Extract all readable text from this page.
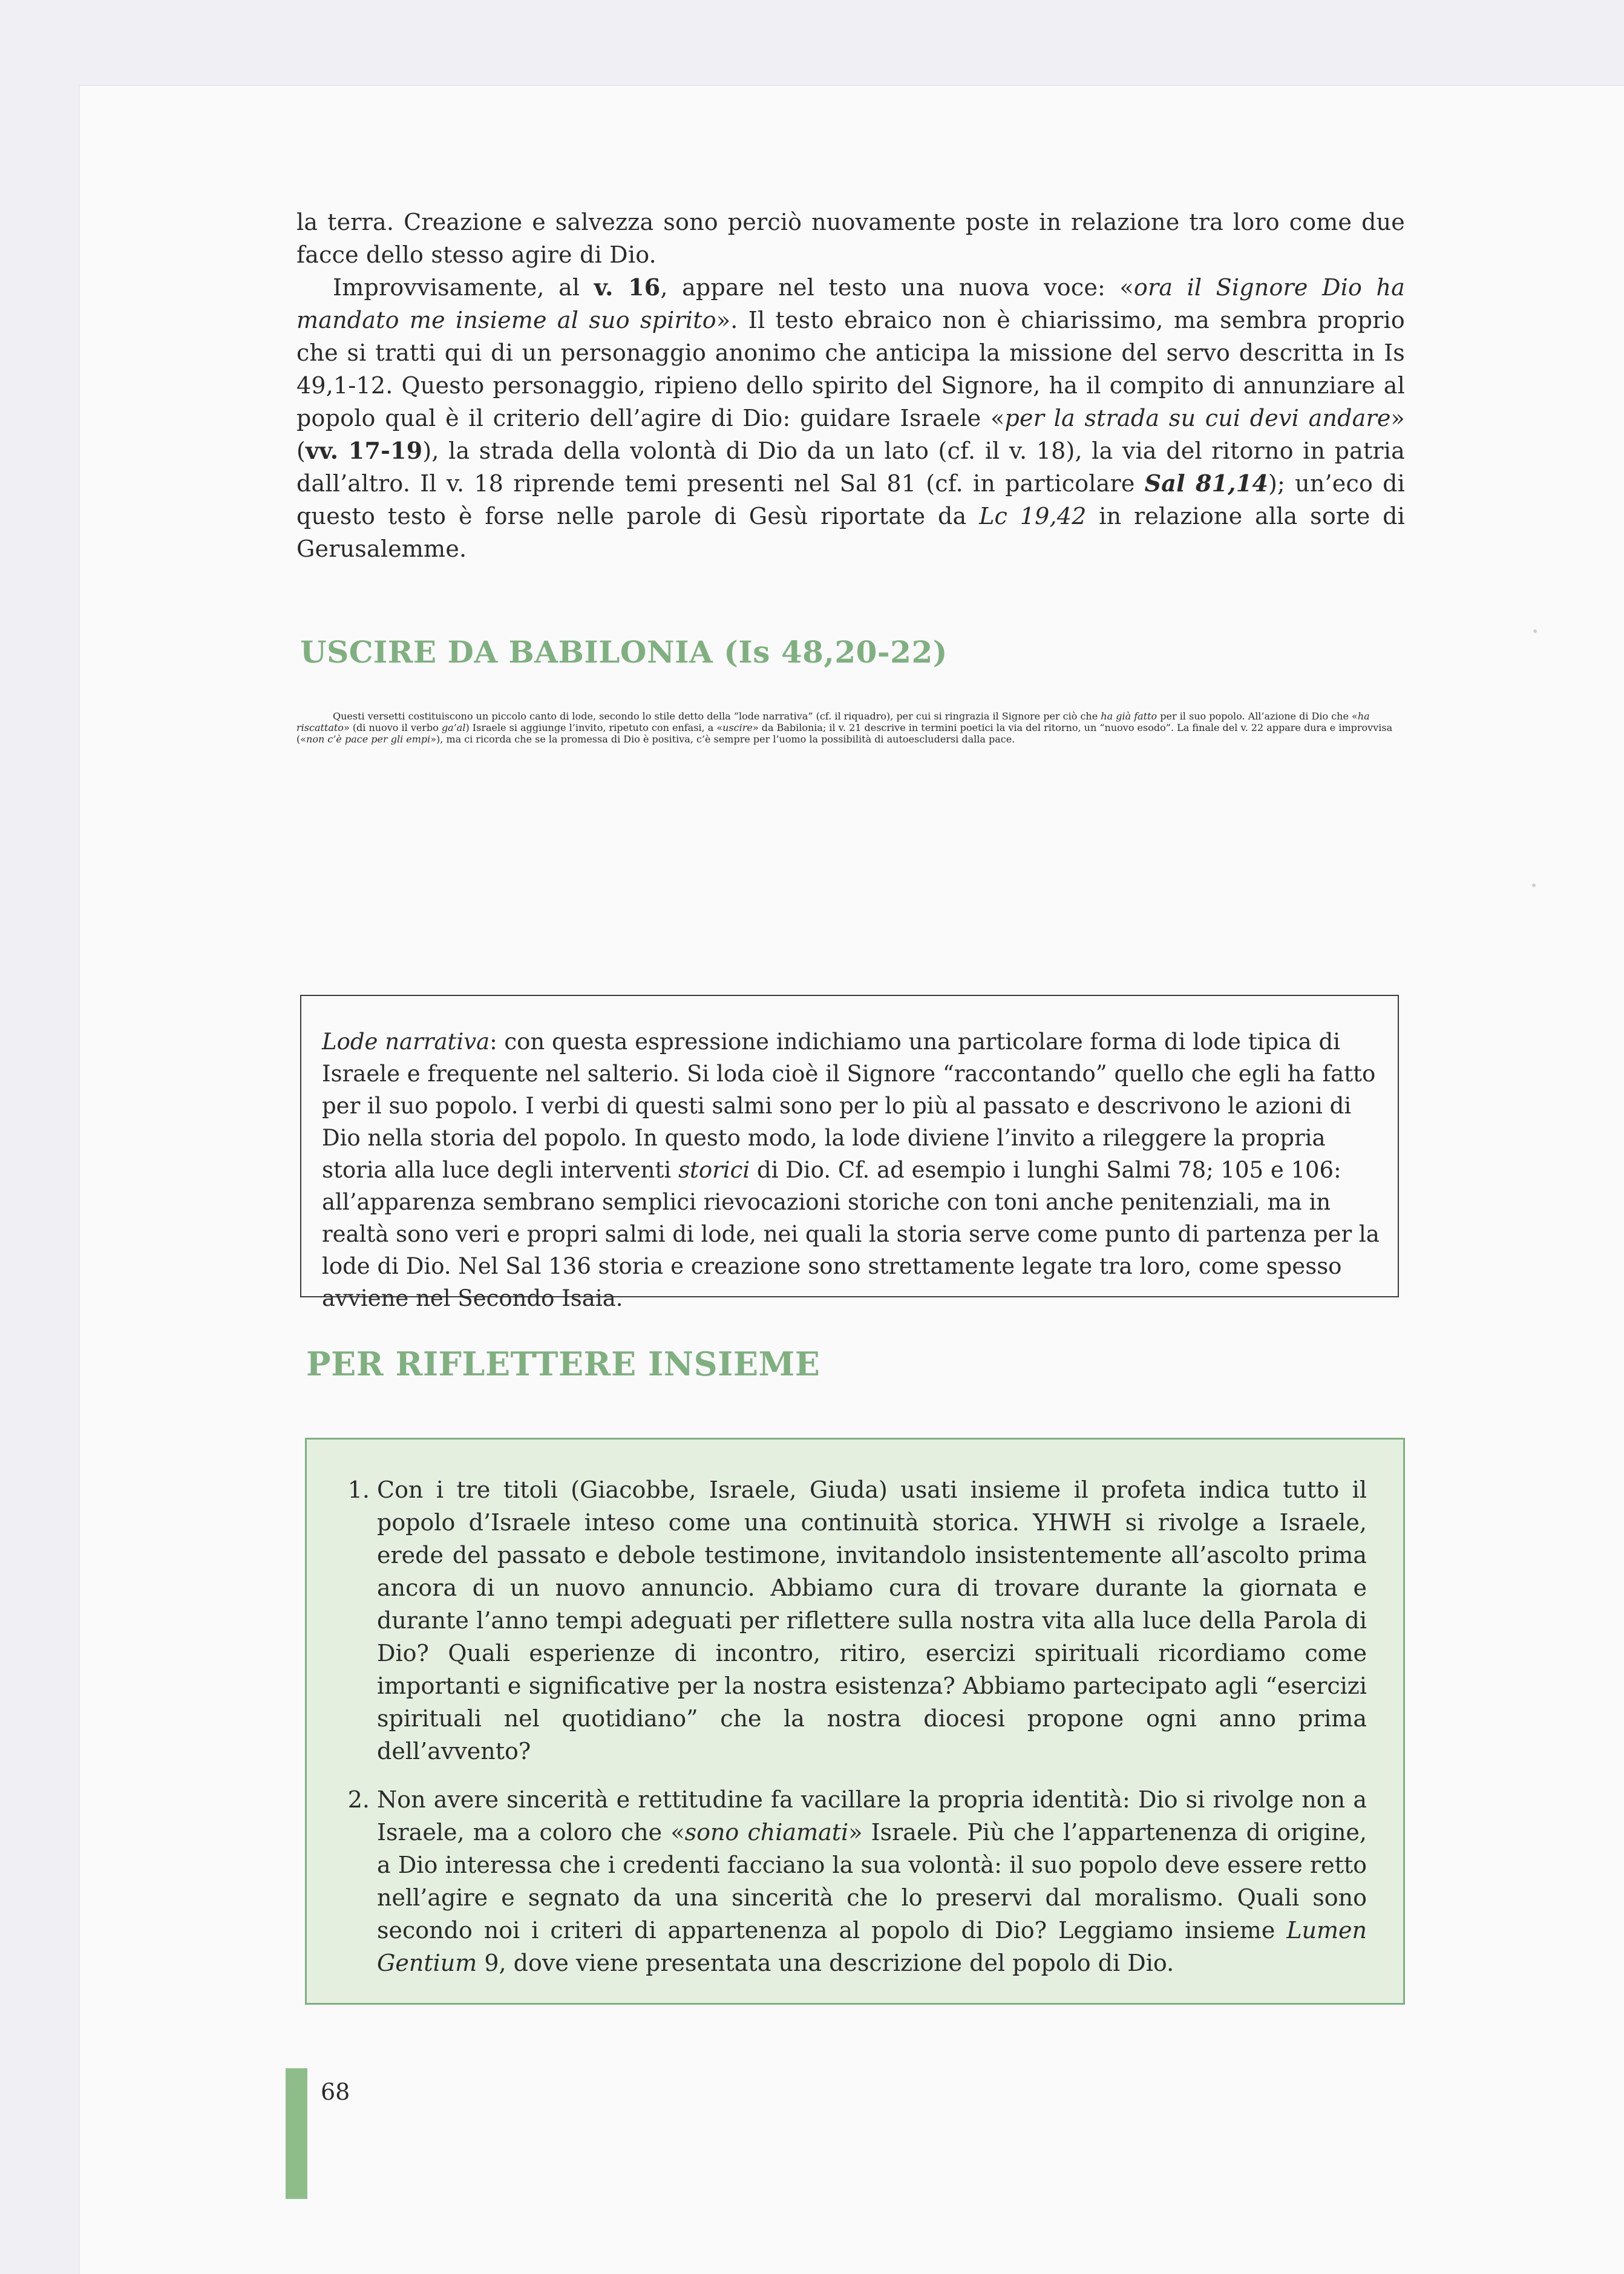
la terra. Creazione e salvezza sono perciò nuovamente poste in relazione tra loro come due facce dello stesso agire di Dio.

Improvvisamente, al v. 16, appare nel testo una nuova voce: «ora il Signore Dio ha mandato me insieme al suo spirito». Il testo ebraico non è chiarissimo, ma sembra proprio che si tratti qui di un personaggio anonimo che anticipa la missione del servo descritta in Is 49,1-12. Questo personaggio, ripieno dello spirito del Signore, ha il compito di annunziare al popolo qual è il criterio dell’agire di Dio: guidare Israele «per la strada su cui devi andare» (vv. 17-19), la strada della volontà di Dio da un lato (cf. il v. 18), la via del ritorno in patria dall’altro. Il v. 18 riprende temi presenti nel Sal 81 (cf. in particolare Sal 81,14); un’eco di questo testo è forse nelle parole di Gesù riportate da Lc 19,42 in relazione alla sorte di Gerusalemme.

USCIRE DA BABILONIA (Is 48,20-22)

Questi versetti costituiscono un piccolo canto di lode, secondo lo stile detto della “lode narrativa” (cf. il riquadro), per cui si ringrazia il Signore per ciò che ha già fatto per il suo popolo. All’azione di Dio che «ha riscattato» (di nuovo il verbo ga’al) Israele si aggiunge l’invito, ripetuto con enfasi, a «uscire» da Babilonia; il v. 21 descrive in termini poetici la via del ritorno, un “nuovo esodo”. La finale del v. 22 appare dura e improvvisa («non c’è pace per gli empi»), ma ci ricorda che se la promessa di Dio è positiva, c’è sempre per l’uomo la possibilità di autoescludersi dalla pace.

Lode narrativa: con questa espressione indichiamo una particolare forma di lode tipica di Israele e frequente nel salterio. Si loda cioè il Signore “raccontando” quello che egli ha fatto per il suo popolo. I verbi di questi salmi sono per lo più al passato e descrivono le azioni di Dio nella storia del popolo. In questo modo, la lode diviene l’invito a rileggere la propria storia alla luce degli interventi storici di Dio. Cf. ad esempio i lunghi Salmi 78; 105 e 106: all’apparenza sembrano semplici rievocazioni storiche con toni anche penitenziali, ma in realtà sono veri e propri salmi di lode, nei quali la storia serve come punto di partenza per la lode di Dio. Nel Sal 136 storia e creazione sono strettamente legate tra loro, come spesso avviene nel Secondo Isaia.

PER RIFLETTERE INSIEME
1. Con i tre titoli (Giacobbe, Israele, Giuda) usati insieme il profeta indica tutto il popolo d’Israele inteso come una continuità storica. YHWH si rivolge a Israele, erede del passato e debole testimone, invitandolo insistentemente all’ascolto prima ancora di un nuovo annuncio. Abbiamo cura di trovare durante la giornata e durante l’anno tempi adeguati per riflettere sulla nostra vita alla luce della Parola di Dio? Quali esperienze di incontro, ritiro, esercizi spirituali ricordiamo come importanti e significative per la nostra esistenza? Abbiamo partecipato agli “esercizi spirituali nel quotidiano” che la nostra diocesi propone ogni anno prima dell’avvento?
2. Non avere sincerità e rettitudine fa vacillare la propria identità: Dio si rivolge non a Israele, ma a coloro che «sono chiamati» Israele. Più che l’appartenenza di origine, a Dio interessa che i credenti facciano la sua volontà: il suo popolo deve essere retto nell’agire e segnato da una sincerità che lo preservi dal moralismo. Quali sono secondo noi i criteri di appartenenza al popolo di Dio? Leggiamo insieme Lumen Gentium 9, dove viene presentata una descrizione del popolo di Dio.
68
